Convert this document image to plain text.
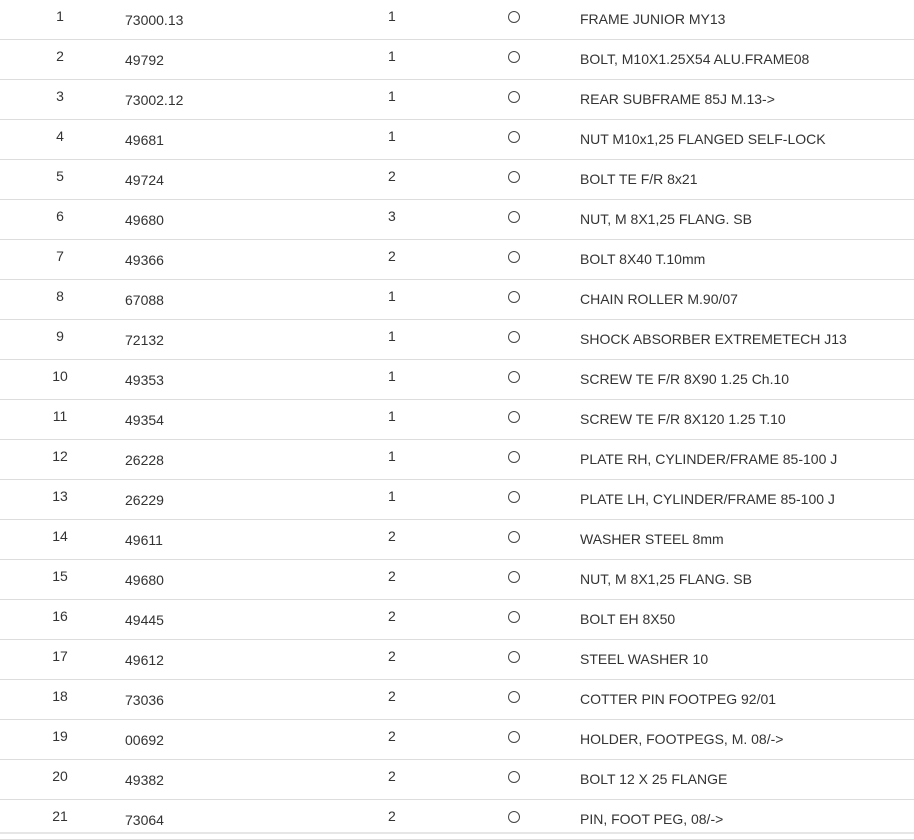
1	73000.13	1	FRAME JUNIOR MY13
2	49792	1	BOLT, M10X1.25X54 ALU.FRAME08
3	73002.12	1	REAR SUBFRAME 85J M.13->
4	49681	1	NUT M10x1,25 FLANGED SELF-LOCK
5	49724	2	BOLT TE F/R 8x21
6	49680	3	NUT, M 8X1,25 FLANG. SB
7	49366	2	BOLT 8X40 T.10mm
8	67088	1	CHAIN ROLLER M.90/07
9	72132	1	SHOCK ABSORBER EXTREMETECH J13
10	49353	1	SCREW TE F/R 8X90 1.25 Ch.10
11	49354	1	SCREW TE F/R 8X120 1.25 T.10
12	26228	1	PLATE RH, CYLINDER/FRAME 85-100 J
13	26229	1	PLATE LH, CYLINDER/FRAME 85-100 J
14	49611	2	WASHER STEEL 8mm
15	49680	2	NUT, M 8X1,25 FLANG. SB
16	49445	2	BOLT EH 8X50
17	49612	2	STEEL WASHER 10
18	73036	2	COTTER PIN FOOTPEG 92/01
19	00692	2	HOLDER, FOOTPEGS, M. 08/->
20	49382	2	BOLT 12 X 25 FLANGE
21	73064	2	PIN, FOOT PEG, 08/->
